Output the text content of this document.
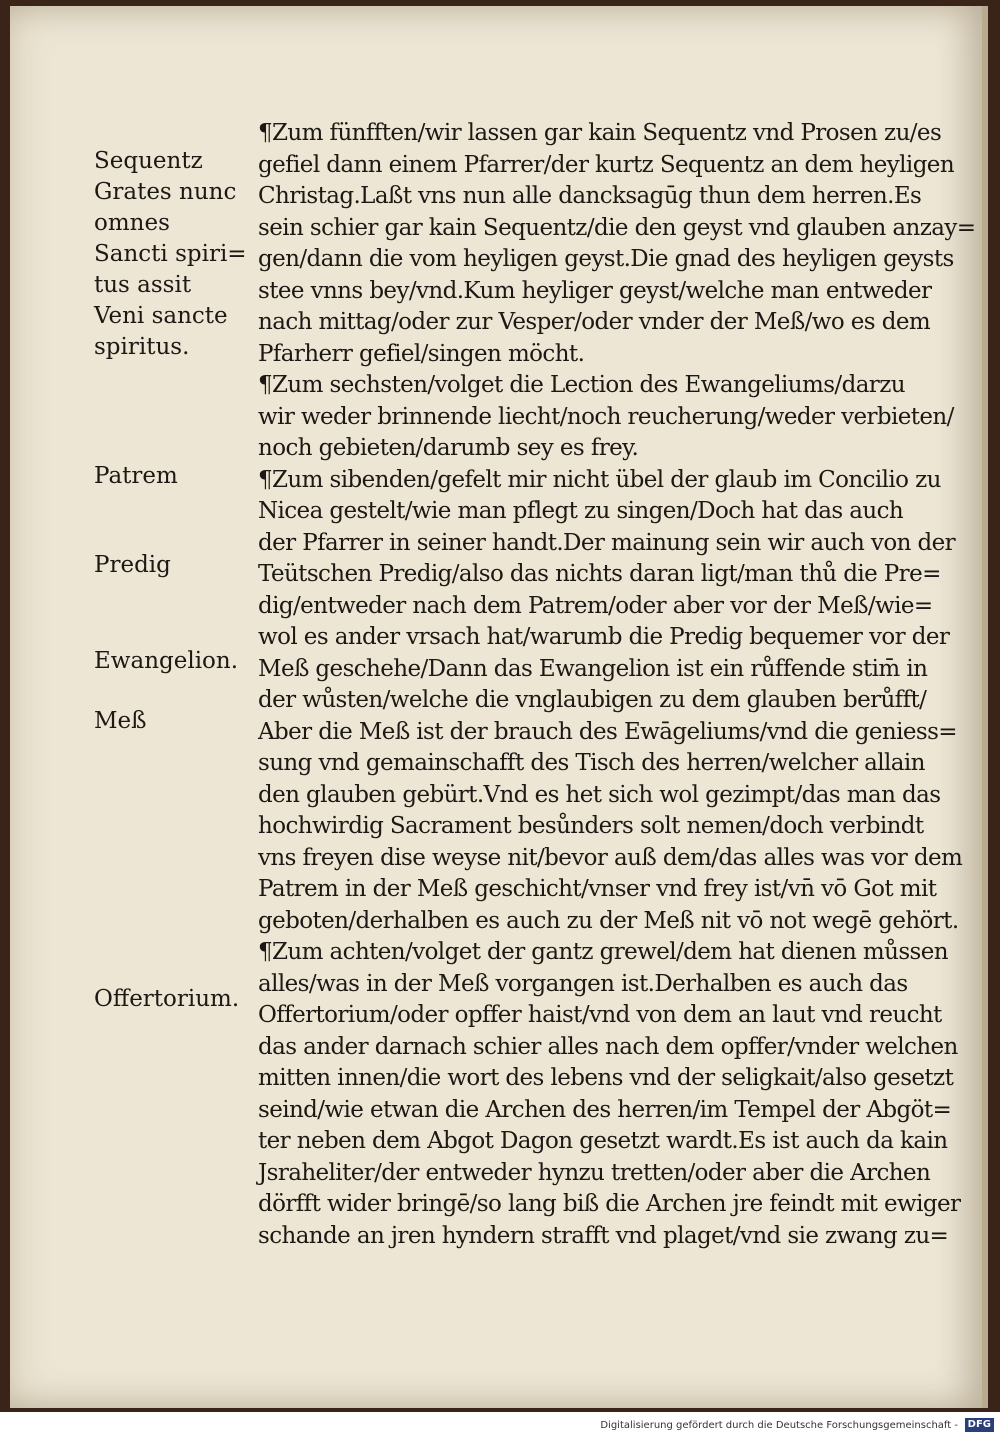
¶Zum fünfften/wir lassen gar kain Sequentz vnd Prosen zu/es
gefiel dann einem Pfarrer/der kurtz Sequentz an dem heyligen
Christag.Laßt vns nun alle dancksagūg thun dem herren.Es
sein schier gar kain Sequentz/die den geyst vnd glauben anzay=
gen/dann die vom heyligen geyst.Die gnad des heyligen geysts
stee vnns bey/vnd.Kum heyliger geyst/welche man entweder
nach mittag/oder zur Vesper/oder vnder der Meß/wo es dem
Pfarherr gefiel/singen möcht.
¶Zum sechsten/volget die Lection des Ewangeliums/darzu
wir weder brinnende liecht/noch reucherung/weder verbieten/
noch gebieten/darumb sey es frey.
¶Zum sibenden/gefelt mir nicht übel der glaub im Concilio zu
Nicea gestelt/wie man pflegt zu singen/Doch hat das auch
der Pfarrer in seiner handt.Der mainung sein wir auch von der
Teütschen Predig/also das nichts daran ligt/man thů die Pre=
dig/entweder nach dem Patrem/oder aber vor der Meß/wie=
wol es ander vrsach hat/warumb die Predig bequemer vor der
Meß geschehe/Dann das Ewangelion ist ein růffende stim̄ in
der wůsten/welche die vnglaubigen zu dem glauben berůfft/
Aber die Meß ist der brauch des Ewāgeliums/vnd die geniess=
sung vnd gemainschafft des Tisch des herren/welcher allain
den glauben gebürt.Vnd es het sich wol gezimpt/das man das
hochwirdig Sacrament besůnders solt nemen/doch verbindt
vns freyen dise weyse nit/bevor auß dem/das alles was vor dem
Patrem in der Meß geschicht/vnser vnd frey ist/vn̄ vō Got mit
geboten/derhalben es auch zu der Meß nit vō not wegē gehört.
¶Zum achten/volget der gantz grewel/dem hat dienen můssen
alles/was in der Meß vorgangen ist.Derhalben es auch das
Offertorium/oder opffer haist/vnd von dem an laut vnd reucht
das ander darnach schier alles nach dem opffer/vnder welchen
mitten innen/die wort des lebens vnd der seligkait/also gesetzt
seind/wie etwan die Archen des herren/im Tempel der Abgöt=
ter neben dem Abgot Dagon gesetzt wardt.Es ist auch da kain
Jsraheliter/der entweder hynzu tretten/oder aber die Archen
dörfft wider bringē/so lang biß die Archen jre feindt mit ewiger
schande an jren hyndern strafft vnd plaget/vnd sie zwang zu=
Sequentz
Grates nunc
omnes
Sancti spiri=
tus assit
Veni sancte
spiritus.
Patrem
Predig
Ewangelion.
Meß
Offertorium.
Digitalisierung gefördert durch die Deutsche Forschungsgemeinschaft - DFG
